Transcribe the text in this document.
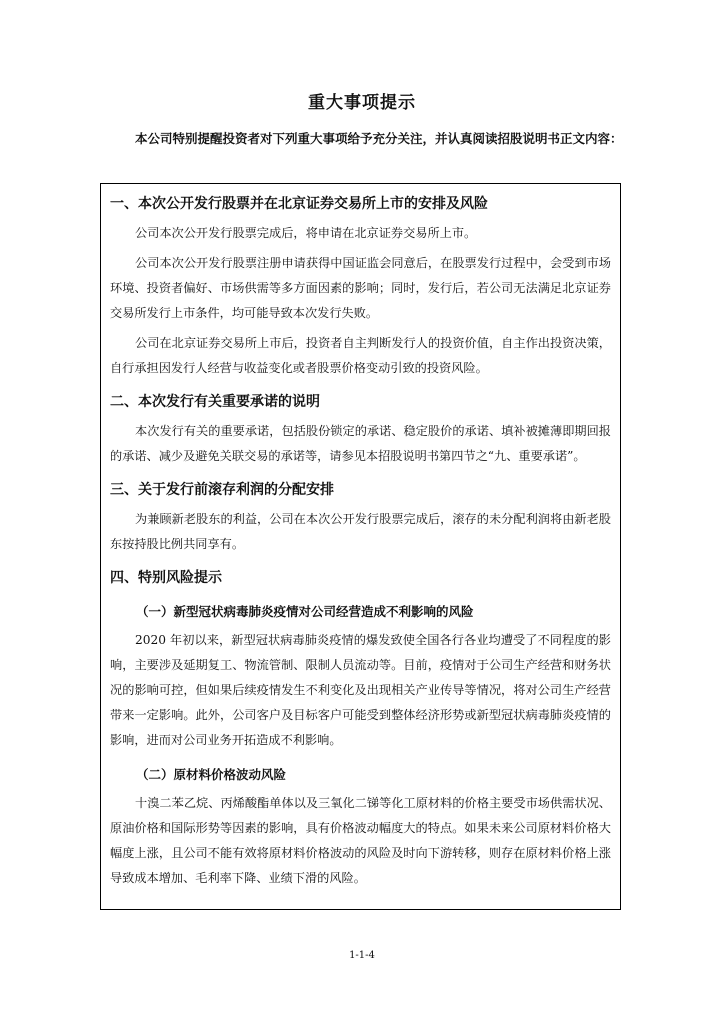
重大事项提示
本公司特别提醒投资者对下列重大事项给予充分关注，并认真阅读招股说明书正文内容：
一、本次公开发行股票并在北京证券交易所上市的安排及风险
公司本次公开发行股票完成后，将申请在北京证券交易所上市。
公司本次公开发行股票注册申请获得中国证监会同意后，在股票发行过程中，会受到市场环境、投资者偏好、市场供需等多方面因素的影响；同时，发行后，若公司无法满足北京证券交易所发行上市条件，均可能导致本次发行失败。
公司在北京证券交易所上市后，投资者自主判断发行人的投资价值，自主作出投资决策，自行承担因发行人经营与收益变化或者股票价格变动引致的投资风险。
二、本次发行有关重要承诺的说明
本次发行有关的重要承诺，包括股份锁定的承诺、稳定股价的承诺、填补被摊薄即期回报的承诺、减少及避免关联交易的承诺等，请参见本招股说明书第四节之“九、重要承诺”。
三、关于发行前滚存利润的分配安排
为兼顾新老股东的利益，公司在本次公开发行股票完成后，滚存的未分配利润将由新老股东按持股比例共同享有。
四、特别风险提示
（一）新型冠状病毒肺炎疫情对公司经营造成不利影响的风险
2020 年初以来，新型冠状病毒肺炎疫情的爆发致使全国各行各业均遭受了不同程度的影响，主要涉及延期复工、物流管制、限制人员流动等。目前，疫情对于公司生产经营和财务状况的影响可控，但如果后续疫情发生不利变化及出现相关产业传导等情况，将对公司生产经营带来一定影响。此外，公司客户及目标客户可能受到整体经济形势或新型冠状病毒肺炎疫情的影响，进而对公司业务开拓造成不利影响。
（二）原材料价格波动风险
十溴二苯乙烷、丙烯酸酯单体以及三氧化二锑等化工原材料的价格主要受市场供需状况、原油价格和国际形势等因素的影响，具有价格波动幅度大的特点。如果未来公司原材料价格大幅度上涨，且公司不能有效将原材料价格波动的风险及时向下游转移，则存在原材料价格上涨导致成本增加、毛利率下降、业绩下滑的风险。
1-1-4
